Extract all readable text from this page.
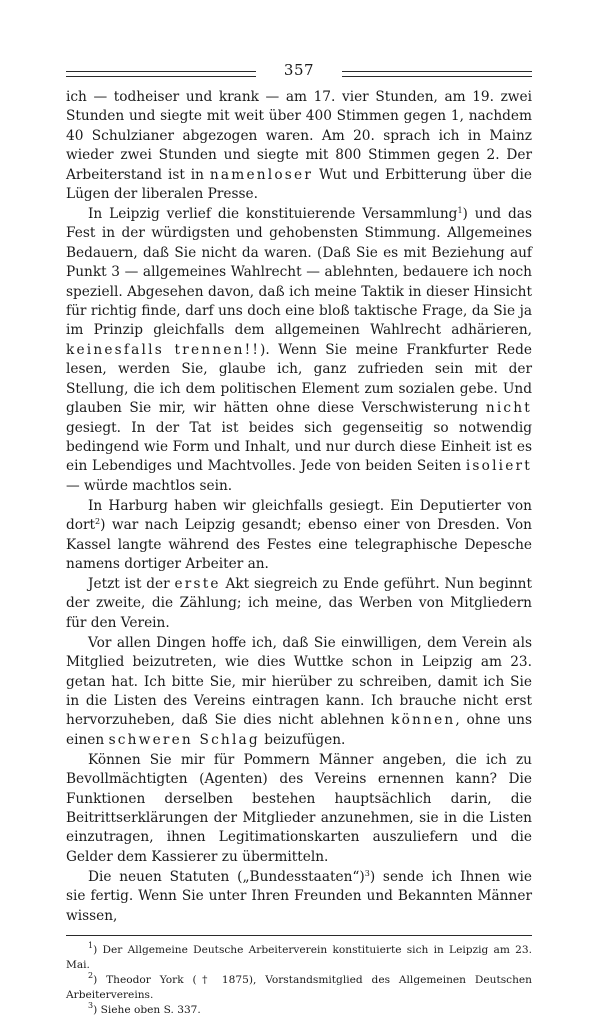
357

ich — todheiser und krank — am 17. vier Stunden, am 19. zwei Stunden und siegte mit weit über 400 Stimmen gegen 1, nachdem 40 Schulzianer abgezogen waren. Am 20. sprach ich in Mainz wieder zwei Stunden und siegte mit 800 Stimmen gegen 2. Der Arbeiterstand ist in namenloser Wut und Erbitterung über die Lügen der liberalen Presse.

In Leipzig verlief die konstituierende Versammlung$^1$) und das Fest in der würdigsten und gehobensten Stimmung. Allgemeines Bedauern, daß Sie nicht da waren. (Daß Sie es mit Beziehung auf Punkt 3 — allgemeines Wahlrecht — ablehnten, bedauere ich noch speziell. Abgesehen davon, daß ich meine Taktik in dieser Hinsicht für richtig finde, darf uns doch eine bloß taktische Frage, da Sie ja im Prinzip gleichfalls dem allgemeinen Wahlrecht adhärieren, keinesfalls trennen!!). Wenn Sie meine Frankfurter Rede lesen, werden Sie, glaube ich, ganz zufrieden sein mit der Stellung, die ich dem politischen Element zum sozialen gebe. Und glauben Sie mir, wir hätten ohne diese Verschwisterung nicht gesiegt. In der Tat ist beides sich gegenseitig so notwendig bedingend wie Form und Inhalt, und nur durch diese Einheit ist es ein Lebendiges und Machtvolles. Jede von beiden Seiten isoliert — würde machtlos sein.

In Harburg haben wir gleichfalls gesiegt. Ein Deputierter von dort$^2$) war nach Leipzig gesandt; ebenso einer von Dresden. Von Kassel langte während des Festes eine telegraphische Depesche namens dortiger Arbeiter an.

Jetzt ist der erste Akt siegreich zu Ende geführt. Nun beginnt der zweite, die Zählung; ich meine, das Werben von Mitgliedern für den Verein.

Vor allen Dingen hoffe ich, daß Sie einwilligen, dem Verein als Mitglied beizutreten, wie dies Wuttke schon in Leipzig am 23. getan hat. Ich bitte Sie, mir hierüber zu schreiben, damit ich Sie in die Listen des Vereins eintragen kann. Ich brauche nicht erst hervorzuheben, daß Sie dies nicht ablehnen können, ohne uns einen schweren Schlag beizufügen.

Können Sie mir für Pommern Männer angeben, die ich zu Bevollmächtigten (Agenten) des Vereins ernennen kann? Die Funktionen derselben bestehen hauptsächlich darin, die Beitrittserklärungen der Mitglieder anzunehmen, sie in die Listen einzutragen, ihnen Legitimationskarten auszuliefern und die Gelder dem Kassierer zu übermitteln.

Die neuen Statuten („Bundesstaaten“)$^3$) sende ich Ihnen wie sie fertig. Wenn Sie unter Ihren Freunden und Bekannten Männer wissen,

$^1$) Der Allgemeine Deutsche Arbeiterverein konstituierte sich in Leipzig am 23. Mai.

$^2$) Theodor York († 1875), Vorstandsmitglied des Allgemeinen Deutschen Arbeitervereins.

$^3$) Siehe oben S. 337.
